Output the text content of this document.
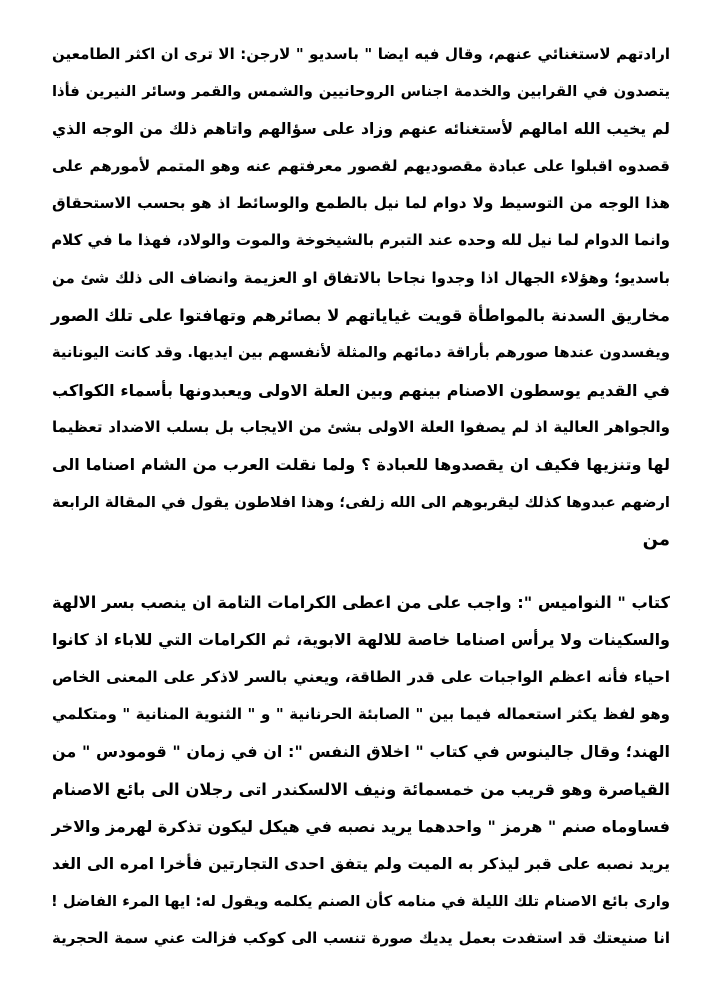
ارادتهم لاستغنائي عنهم، وقال فيه ايضا " باسديو " لارجن: الا ترى ان اكثر الطامعين
يتصدون في القرابين والخدمة اجناس الروحانيين والشمس والقمر وسائر النيرين فأذا
لم يخيب الله امالهم لأستغنائه عنهم وزاد على سؤالهم واتاهم ذلك من الوجه الذي
قصدوه اقبلوا على عبادة مقصوديهم لقصور معرفتهم عنه وهو المتمم لأمورهم على
هذا الوجه من التوسيط ولا دوام لما نيل بالطمع والوسائط اذ هو بحسب الاستحقاق
وانما الدوام لما نيل لله وحده عند التبرم بالشيخوخة والموت والولاد، فهذا ما في كلام
باسديو؛ وهؤلاء الجهال اذا وجدوا نجاحا بالاتفاق او العزيمة وانضاف الى ذلك شئ من
مخاريق السدنة بالمواطأة قويت غياياتهم لا بصائرهم وتهافتوا على تلك الصور
ويفسدون عندها صورهم بأراقة دمائهم والمثلة لأنفسهم بين ايديها. وقد كانت اليونانية
في القديم يوسطون الاصنام بينهم وبين العلة الاولى ويعبدونها بأسماء الكواكب
والجواهر العالية اذ لم يصفوا العلة الاولى بشئ من الايجاب بل بسلب الاضداد تعظيما
لها وتنزيها فكيف ان يقصدوها للعبادة ؟ ولما نقلت العرب من الشام اصناما الى
ارضهم عبدوها كذلك ليقربوهم الى الله زلفى؛ وهذا افلاطون يقول في المقالة الرابعة
من
كتاب " النواميس ": واجب على من اعطى الكرامات التامة ان ينصب بسر الالهة
والسكينات ولا يرأس اصناما خاصة للالهة الابوية، ثم الكرامات التي للاباء اذ كانوا
احياء فأنه اعظم الواجبات على قدر الطاقة، ويعني بالسر لاذكر على المعنى الخاص
وهو لفظ يكثر استعماله فيما بين " الصابئة الحرنانية " و " الثنوية المنانية " ومتكلمي
الهند؛ وقال جالينوس في كتاب " اخلاق النفس ": ان في زمان " قومودس " من
القياصرة وهو قريب من خمسمائة ونيف الالسكندر اتى رجلان الى بائع الاصنام
فساوماه صنم " هرمز " واحدهما يريد نصبه في هيكل ليكون تذكرة لهرمز والاخر
يريد نصبه على قبر ليذكر به الميت ولم يتفق احدى التجارتين فأخرا امره الى الغد
وارى بائع الاصنام تلك الليلة في منامه كأن الصنم يكلمه ويقول له: ايها المرء الفاضل !
انا صنيعتك قد استفدت بعمل يديك صورة تنسب الى كوكب فزالت عني سمة الحجرية
